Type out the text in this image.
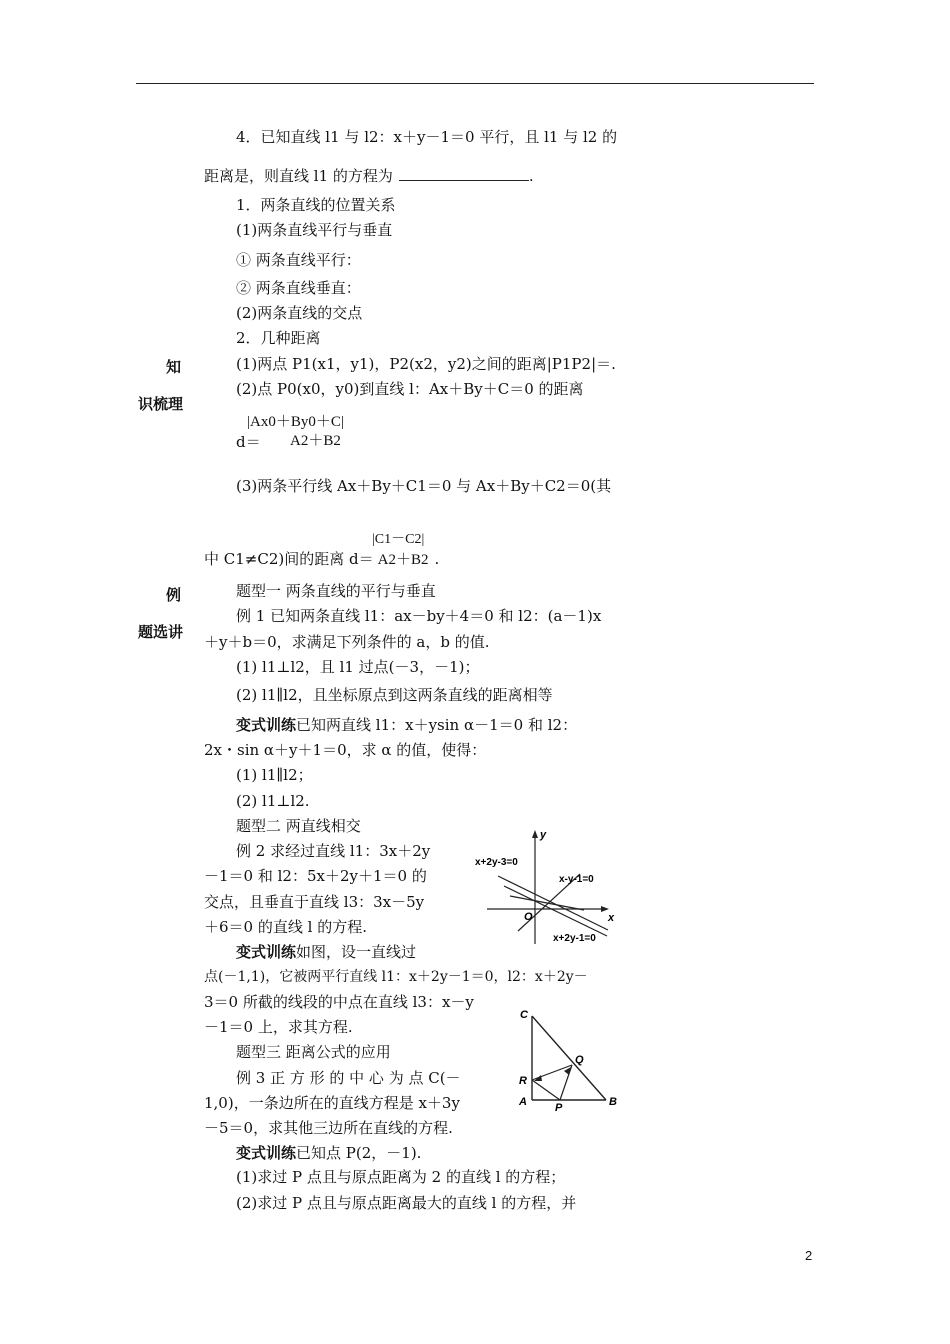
4．已知直线 l1 与 l2：x＋y－1＝0 平行，且 l1 与 l2 的
距离是，则直线 l1 的方程为	.
知
识梳理
1．两条直线的位置关系
(1)两条直线平行与垂直
① 两条直线平行：
② 两条直线垂直：
(2)两条直线的交点
2．几种距离
(1)两点 P1(x1，y1)，P2(x2，y2)之间的距离|P1P2|＝.
(2)点 P0(x0，y0)到直线 l：Ax＋By＋C＝0 的距离
|Ax0＋By0＋C|
d＝ A2＋B2
(3)两条平行线 Ax＋By＋C1＝0 与 Ax＋By＋C2＝0(其
|C1－C2|
中 C1≠C2)间的距离 d＝ A2＋B2 .
例
题选讲
题型一 两条直线的平行与垂直
例 1 已知两条直线 l1：ax－by＋4＝0 和 l2：(a－1)x
＋y＋b＝0，求满足下列条件的 a，b 的值.
(1) l1⊥l2，且 l1 过点(－3，－1)；
(2) l1∥l2，且坐标原点到这两条直线的距离相等
变式训练已知两直线 l1：x＋ysin α－1＝0 和 l2：
2x・sin α＋y＋1＝0，求 α 的值，使得：
(1) l1∥l2；
(2) l1⊥l2.
题型二 两直线相交
例 2 求经过直线 l1：3x＋2y
－1＝0 和 l2：5x＋2y＋1＝0 的
交点，且垂直于直线 l3：3x－5y
＋6＝0 的直线 l 的方程.
变式训练如图，设一直线过
点(－1,1)，它被两平行直线 l1：x＋2y－1＝0，l2：x＋2y－
3＝0 所截的线段的中点在直线 l3：x－y
－1＝0 上，求其方程.
题型三 距离公式的应用
例 3 正 方 形 的 中 心 为 点 C(－
1,0)，一条边所在的直线方程是 x＋3y
－5＝0，求其他三边所在直线的方程.
变式训练已知点 P(2，－1).
(1)求过 P 点且与原点距离为 2 的直线 l 的方程；
(2)求过 P 点且与原点距离最大的直线 l 的方程，并
y
x
O
x+2y-3=0
x-y-1=0
x+2y-1=0
C
Q
R
A	P	B
2
